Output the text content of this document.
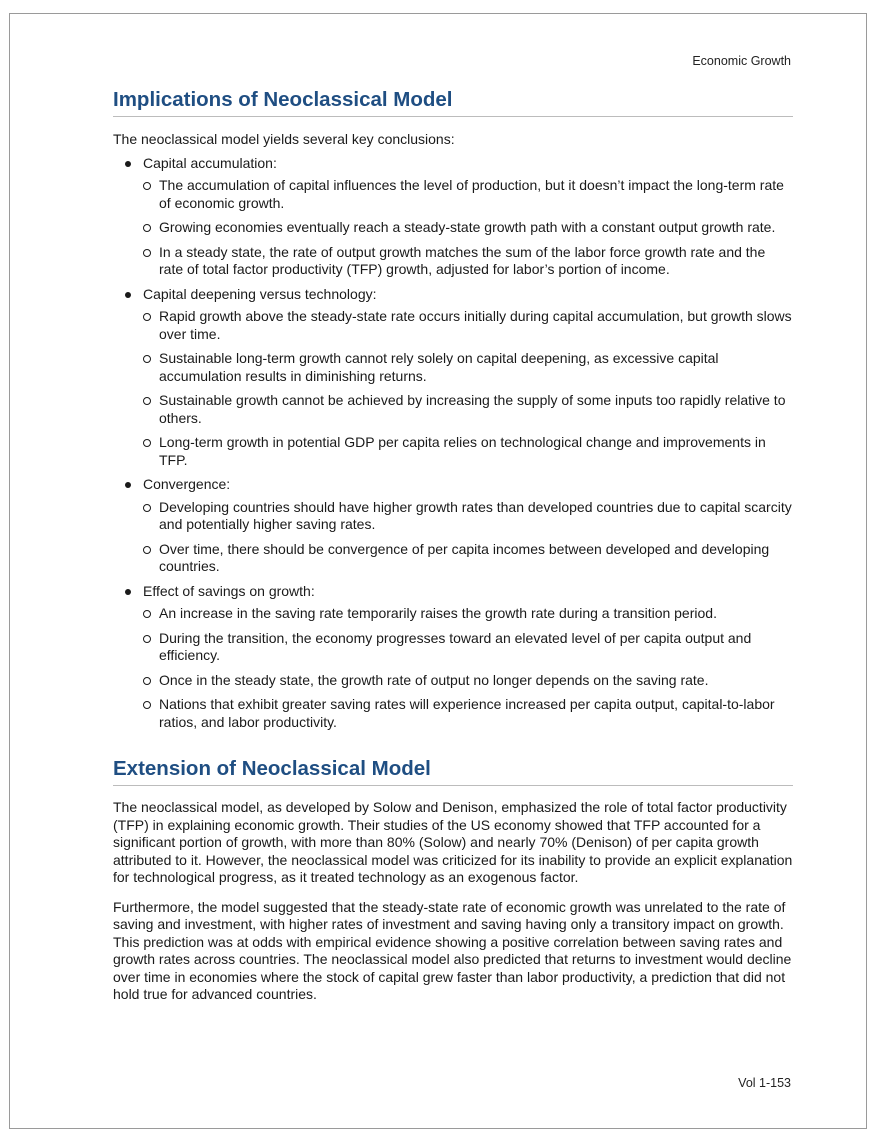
Economic Growth
Implications of Neoclassical Model

The neoclassical model yields several key conclusions:

Capital accumulation:
The accumulation of capital influences the level of production, but it doesn’t impact the long-term rate of economic growth.
Growing economies eventually reach a steady-state growth path with a constant output growth rate.
In a steady state, the rate of output growth matches the sum of the labor force growth rate and the rate of total factor productivity (TFP) growth, adjusted for labor’s portion of income.
Capital deepening versus technology:
Rapid growth above the steady-state rate occurs initially during capital accumulation, but growth slows over time.
Sustainable long-term growth cannot rely solely on capital deepening, as excessive capital accumulation results in diminishing returns.
Sustainable growth cannot be achieved by increasing the supply of some inputs too rapidly relative to others.
Long-term growth in potential GDP per capita relies on technological change and improvements in TFP.
Convergence:
Developing countries should have higher growth rates than developed countries due to capital scarcity and potentially higher saving rates.
Over time, there should be convergence of per capita incomes between developed and developing countries.
Effect of savings on growth:
An increase in the saving rate temporarily raises the growth rate during a transition period.
During the transition, the economy progresses toward an elevated level of per capita output and efficiency.
Once in the steady state, the growth rate of output no longer depends on the saving rate.
Nations that exhibit greater saving rates will experience increased per capita output, capital-to-labor ratios, and labor productivity.
Extension of Neoclassical Model

The neoclassical model, as developed by Solow and Denison, emphasized the role of total factor productivity (TFP) in explaining economic growth. Their studies of the US economy showed that TFP accounted for a significant portion of growth, with more than 80% (Solow) and nearly 70% (Denison) of per capita growth attributed to it. However, the neoclassical model was criticized for its inability to provide an explicit explanation for technological progress, as it treated technology as an exogenous factor.

Furthermore, the model suggested that the steady-state rate of economic growth was unrelated to the rate of saving and investment, with higher rates of investment and saving having only a transitory impact on growth. This prediction was at odds with empirical evidence showing a positive correlation between saving rates and growth rates across countries. The neoclassical model also predicted that returns to investment would decline over time in economies where the stock of capital grew faster than labor productivity, a prediction that did not hold true for advanced countries.

Vol 1-153
